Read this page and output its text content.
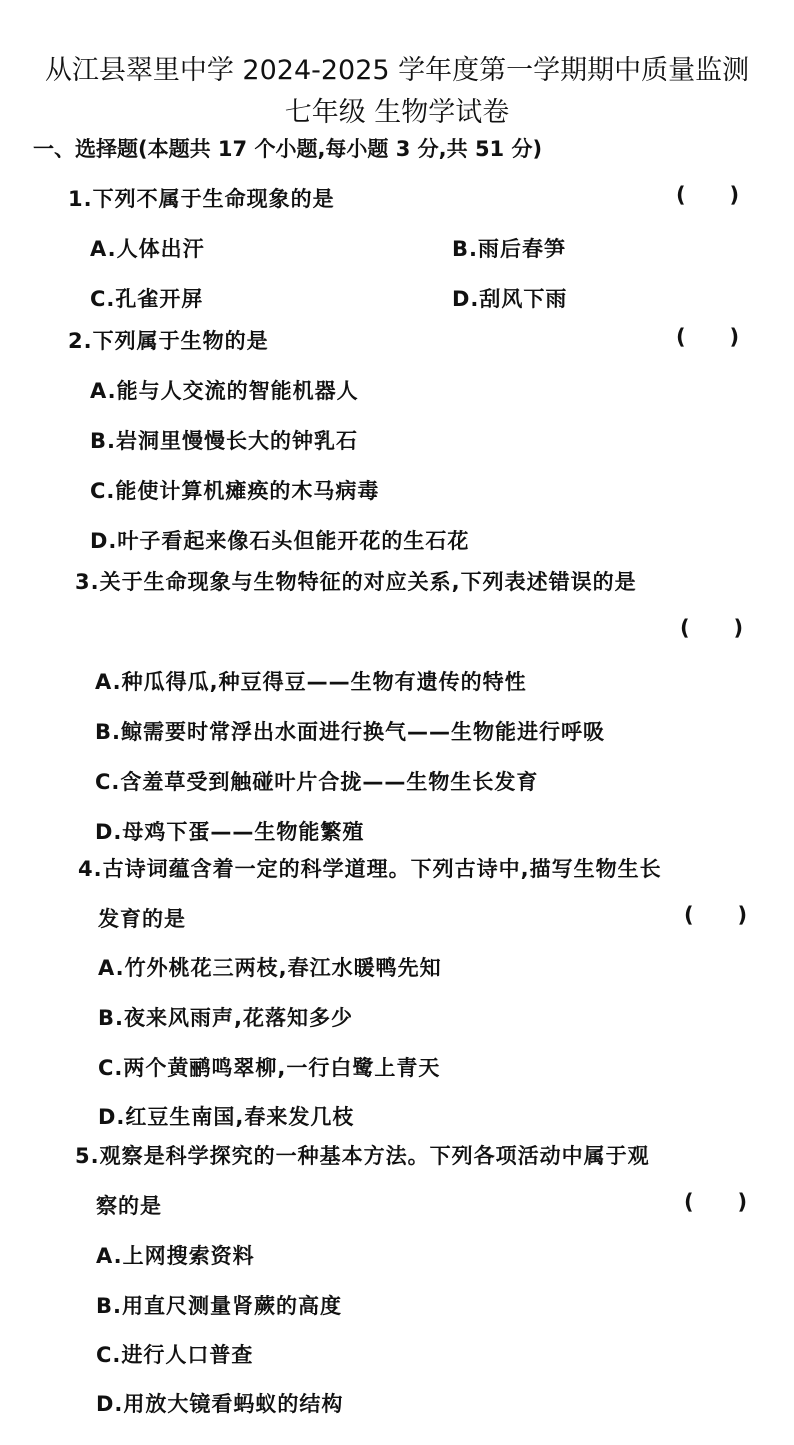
从江县翠里中学 2024-2025 学年度第一学期期中质量监测
七年级 生物学试卷
一、选择题(本题共 17 个小题,每小题 3 分,共 51 分)
1.下列不属于生命现象的是	(      )
A.人体出汗	B.雨后春笋
C.孔雀开屏	D.刮风下雨
2.下列属于生物的是	(      )
A.能与人交流的智能机器人
B.岩洞里慢慢长大的钟乳石
C.能使计算机瘫痪的木马病毒
D.叶子看起来像石头但能开花的生石花
3.关于生命现象与生物特征的对应关系,下列表述错误的是
(      )
A.种瓜得瓜,种豆得豆——生物有遗传的特性
B.鲸需要时常浮出水面进行换气——生物能进行呼吸
C.含羞草受到触碰叶片合拢——生物生长发育
D.母鸡下蛋——生物能繁殖
4.古诗词蕴含着一定的科学道理。下列古诗中,描写生物生长
发育的是	(      )
A.竹外桃花三两枝,春江水暖鸭先知
B.夜来风雨声,花落知多少
C.两个黄鹂鸣翠柳,一行白鹭上青天
D.红豆生南国,春来发几枝
5.观察是科学探究的一种基本方法。下列各项活动中属于观
察的是	(      )
A.上网搜索资料
B.用直尺测量肾蕨的高度
C.进行人口普查
D.用放大镜看蚂蚁的结构
